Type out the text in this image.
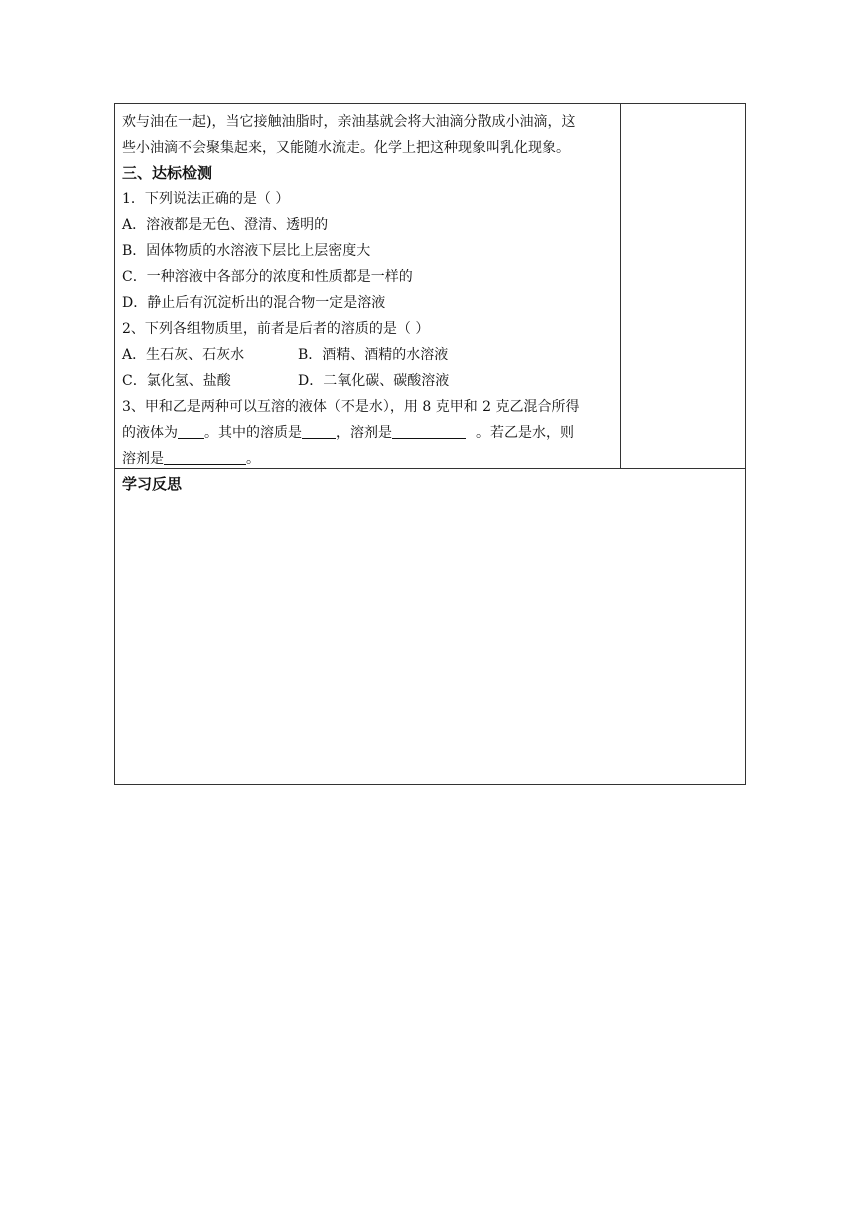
欢与油在一起)，当它接触油脂时，亲油基就会将大油滴分散成小油滴，这
些小油滴不会聚集起来，又能随水流走。化学上把这种现象叫乳化现象。
三、达标检测
1．下列说法正确的是（ ）
A．溶液都是无色、澄清、透明的
B．固体物质的水溶液下层比上层密度大
C．一种溶液中各部分的浓度和性质都是一样的
D．静止后有沉淀析出的混合物一定是溶液
2、下列各组物质里，前者是后者的溶质的是（ ）
A．生石灰、石灰水	B．酒精、酒精的水溶液
C．氯化氢、盐酸	D．二氧化碳、碳酸溶液
3、甲和乙是两种可以互溶的液体（不是水），用 8 克甲和 2 克乙混合所得
的液体为 。其中的溶质是 ，溶剂是	。若乙是水，则
溶剂是	。
学习反思
